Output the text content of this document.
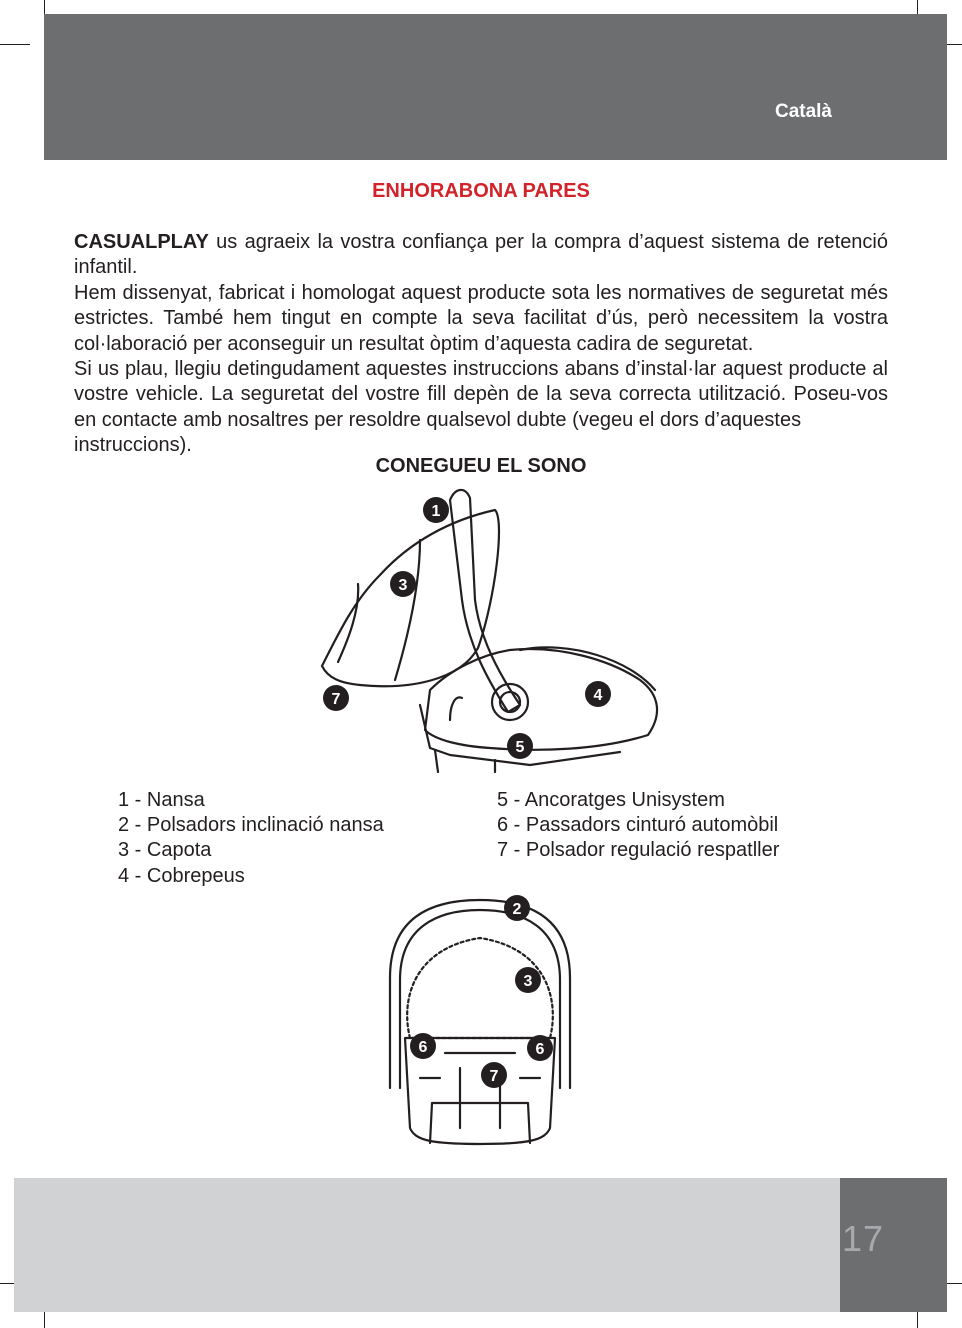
Català
ENHORABONA PARES

CASUALPLAY us agraeix la vostra confiança per la compra d’aquest sistema de retenció infantil.

Hem dissenyat, fabricat i homologat aquest producte sota les normatives de seguretat més estrictes. També hem tingut en compte la seva facilitat d’ús, però necessitem la vostra col·laboració per aconseguir un resultat òptim d’aquesta cadira de seguretat.

Si us plau, llegiu detingudament aquestes instruccions abans d’instal·lar aquest producte al vostre vehicle. La seguretat del vostre fill depèn de la seva correcta utilització. Poseu-vos en contacte amb nosaltres per resoldre qualsevol dubte (vegeu el dors d’aquestes

instruccions).

CONEGUEU EL SONO
1
3
7	4
5
1 - Nansa
2 - Polsadors inclinació nansa
3 - Capota
4 - Cobrepeus
5 - Ancoratges Unisystem
6 - Passadors cinturó automòbil
7 - Polsador regulació respatller
2
3
6	6
7
17
